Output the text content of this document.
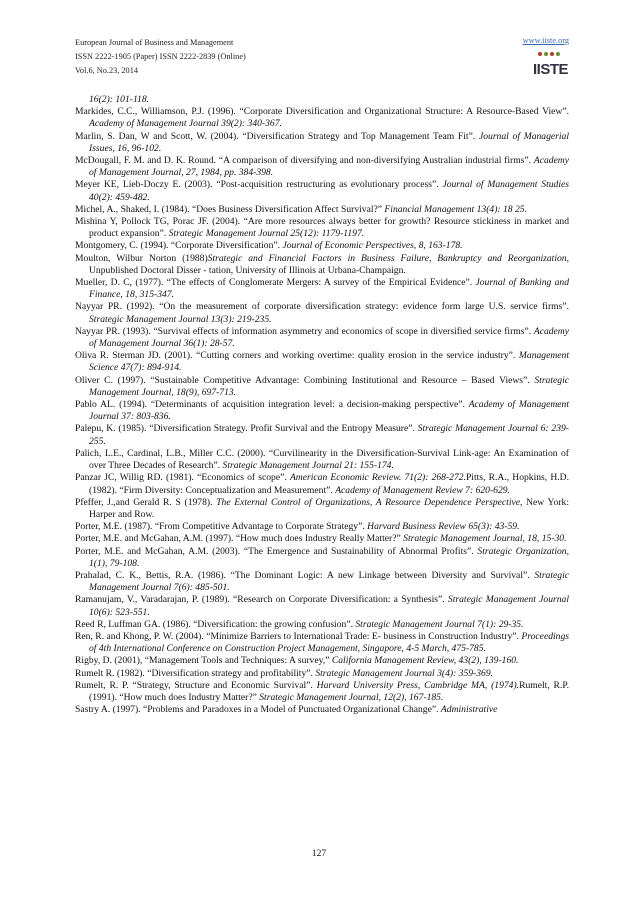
European Journal of Business and Management
ISSN 2222-1905 (Paper) ISSN 2222-2839 (Online)
Vol.6, No.23, 2014
www.iiste.org
IISTE

16(2): 101-118.

Markides, C.C., Williamson, P.J. (1996). “Corporate Diversification and Organizational Structure: A Resource-Based View”. Academy of Management Journal 39(2): 340-367.

Marlin, S. Dan, W and Scott, W. (2004). “Diversification Strategy and Top Management Team Fit”. Journal of Managerial Issues, 16, 96-102.

McDougall, F. M. and D. K. Round. “A comparison of diversifying and non-diversifying Australian industrial firms”. Academy of Management Journal, 27, 1984, pp. 384-398.

Meyer KE, Lieb-Doczy E. (2003). “Post-acquisition restructuring as evolutionary process”. Journal of Management Studies 40(2): 459-482.

Michel, A., Shaked, I. (1984). “Does Business Diversification Affect Survival?” Financial Management 13(4): 18 25.

Mishina Y, Pollock TG, Porac JF. (2004). “Are more resources always better for growth? Resource stickiness in market and product expansion”. Strategic Management Journal 25(12): 1179-1197.

Montgomery, C. (1994). “Corporate Diversification”. Journal of Economic Perspectives, 8, 163-178.

Moulton, Wilbur Norton (1988)Strategic and Financial Factors in Business Failure, Bankruptcy and Reorganization, Unpublished Doctoral Disser - tation, University of Illinois at Urbana-Champaign.

Mueller, D. C, (1977). “The effects of Conglomerate Mergers: A survey of the Empirical Evidence”. Journal of Banking and Finance, 18, 315-347.

Nayyar PR. (1992). “On the measurement of corporate diversification strategy: evidence form large U.S. service firms”. Strategic Management Journal 13(3): 219-235.

Nayyar PR. (1993). “Survival effects of information asymmetry and economics of scope in diversified service firms”. Academy of Management Journal 36(1): 28-57.

Oliva R. Sterman JD. (2001). “Cutting corners and working overtime: quality erosion in the service industry”. Management Science 47(7): 894-914.

Oliver C. (1997). “Sustainable Competitive Advantage: Combining Institutional and Resource – Based Views”. Strategic Management Journal, 18(9), 697-713.

Pablo AL. (1994). “Determinants of acquisition integration level: a decision-making perspective”. Academy of Management Journal 37: 803-836.

Palepu, K. (1985). “Diversification Strategy. Profit Survival and the Entropy Measure”. Strategic Management Journal 6: 239-255.

Palich, L.E., Cardinal, L.B., Miller C.C. (2000). “Curvilinearity in the Diversification-Survival Link-age: An Examination of over Three Decades of Research”. Strategic Management Journal 21: 155-174.

Panzar JC, Willig RD. (1981). “Economics of scope”. American Economic Review. 71(2): 268-272.Pitts, R.A., Hopkins, H.D. (1982). “Firm Diversity: Conceptualization and Measurement”. Academy of Management Review 7: 620-629.

Pfeffer, J.,and Gerald R. S (1978). The External Control of Organizations, A Resource Dependence Perspective, New York: Harper and Row.

Porter, M.E. (1987). “From Competitive Advantage to Corporate Strategy”. Harvard Business Review 65(3): 43-59.

Porter, M.E. and McGahan, A.M. (1997). “How much does Industry Really Matter?” Strategic Management Journal, 18, 15-30.

Porter, M.E. and McGahan, A.M. (2003). “The Emergence and Sustainability of Abnormal Profits”. Strategic Organization, 1(1), 79-108.

Prahalad, C. K., Bettis, R.A. (1986). “The Dominant Logic: A new Linkage between Diversity and Survival”. Strategic Management Journal 7(6): 485-501.

Ramanujam, V., Varadarajan, P. (1989). “Research on Corporate Diversification: a Synthesis”. Strategic Management Journal 10(6): 523-551.

Reed R, Luffman GA. (1986). “Diversification: the growing confusion”. Strategic Management Journal 7(1): 29-35.

Ren, R. and Khong, P. W. (2004). “Minimize Barriers to International Trade: E- business in Construction Industry”. Proceedings of 4th International Conference on Construction Project Management, Singapore, 4-5 March, 475-785.

Rigby, D. (2001), “Management Tools and Techniques: A survey,” California Management Review, 43(2), 139-160.

Rumelt R. (1982). “Diversification strategy and profitability”. Strategic Management Journal 3(4): 359-369.

Rumelt, R. P. “Strategy, Structure and Economic Survival”. Harvard University Press, Cambridge MA, (1974).Rumelt, R.P. (1991). “How much does Industry Matter?” Strategic Management Journal, 12(2), 167-185.

Sastry A. (1997). “Problems and Paradoxes in a Model of Punctuated Organizational Change”. Administrative

127
